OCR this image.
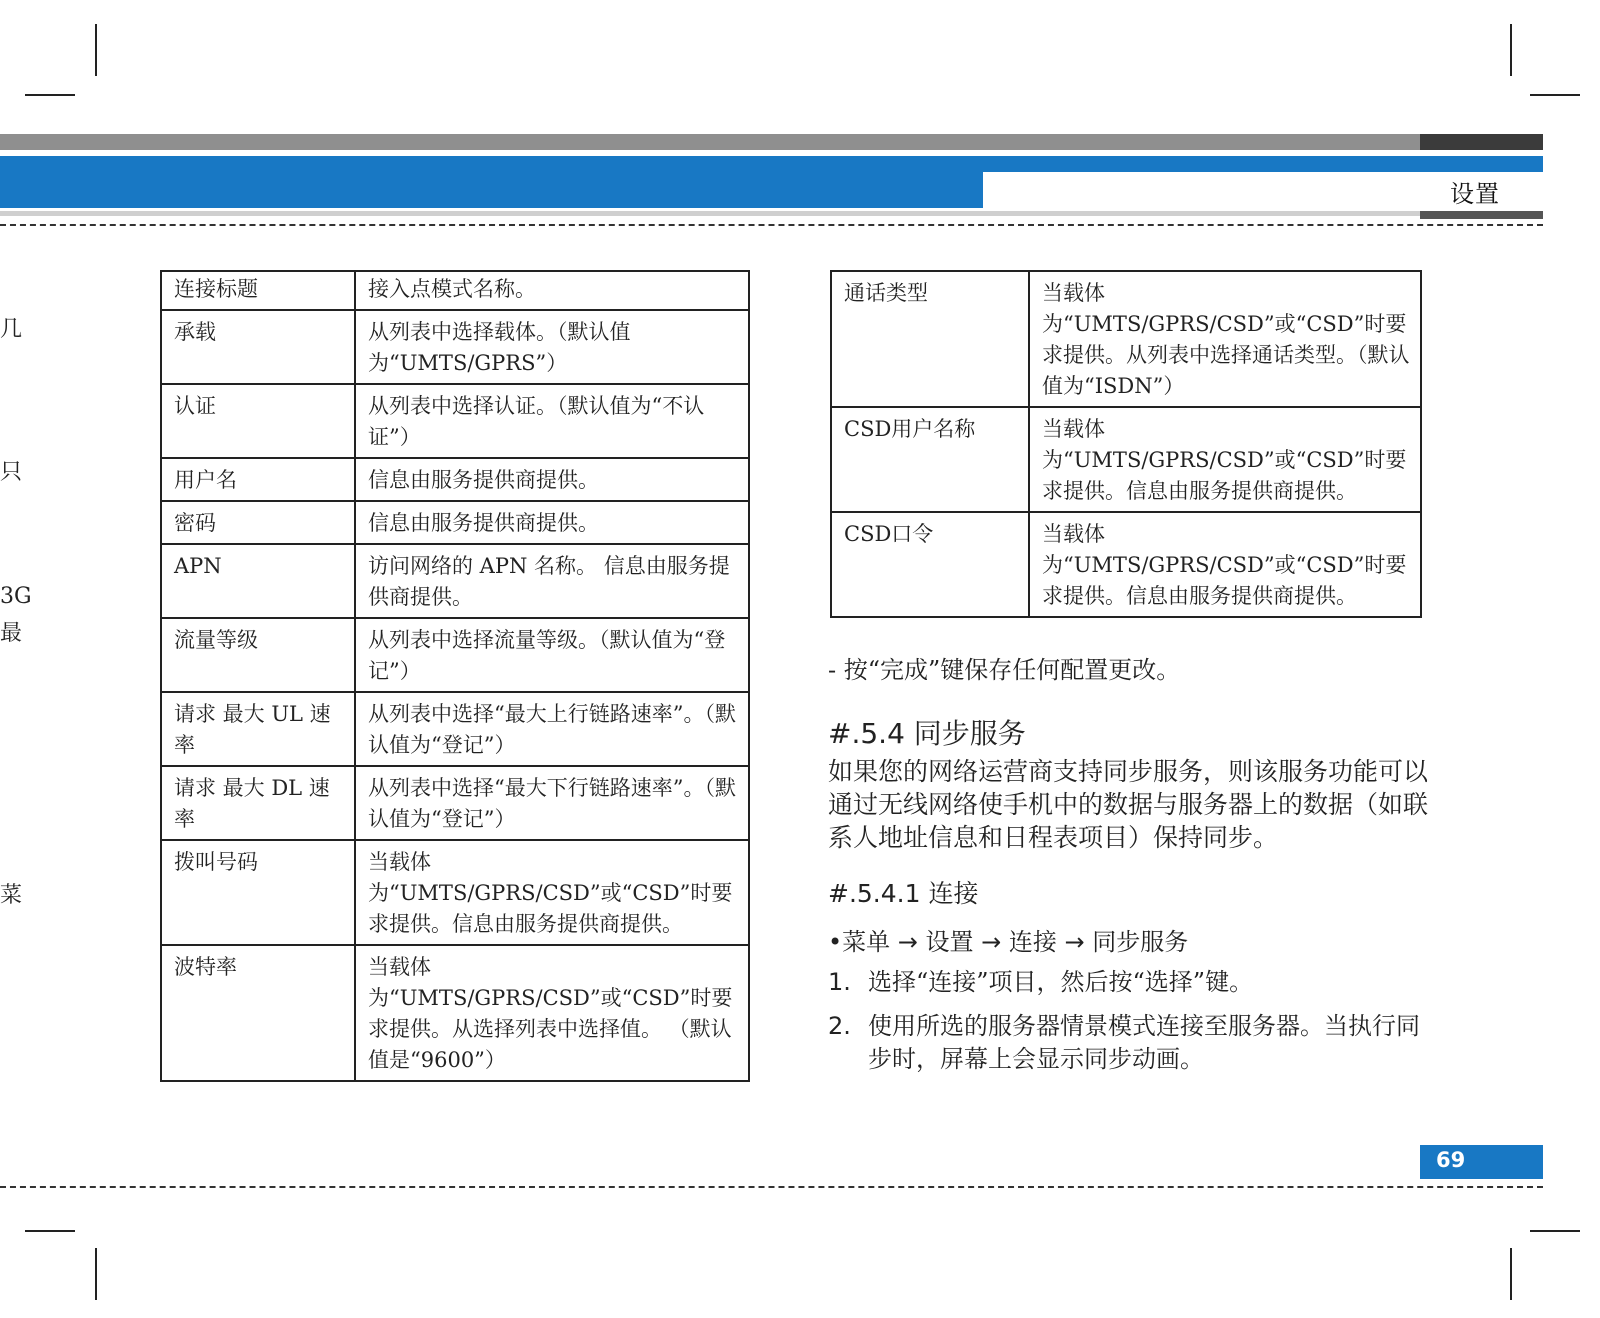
设置
几
只
3G
最
菜
连接标题	接入点模式名称。
承载	从列表中选择载体。（默认值为“UMTS/GPRS”）
认证	从列表中选择认证。（默认值为“不认证”）
用户名	信息由服务提供商提供。
密码	信息由服务提供商提供。
APN	访问网络的 APN 名称。 信息由服务提供商提供。
流量等级	从列表中选择流量等级。（默认值为“登记”）
请求 最大 UL 速率	从列表中选择“最大上行链路速率”。（默认值为“登记”）
请求 最大 DL 速率	从列表中选择“最大下行链路速率”。（默认值为“登记”）
拨叫号码	当载体为“UMTS/GPRS/CSD”或“CSD”时要求提供。信息由服务提供商提供。
波特率	当载体为“UMTS/GPRS/CSD”或“CSD”时要求提供。从选择列表中选择值。 （默认值是“9600”）
通话类型	当载体为“UMTS/GPRS/CSD”或“CSD”时要求提供。从列表中选择通话类型。（默认值为“ISDN”）
CSD用户名称	当载体为“UMTS/GPRS/CSD”或“CSD”时要求提供。信息由服务提供商提供。
CSD口令	当载体为“UMTS/GPRS/CSD”或“CSD”时要求提供。信息由服务提供商提供。
- 按“完成”键保存任何配置更改。
#.5.4 同步服务
如果您的网络运营商支持同步服务，则该服务功能可以通过无线网络使手机中的数据与服务器上的数据（如联系人地址信息和日程表项目）保持同步。
#.5.4.1 连接
•菜单 → 设置 → 连接 → 同步服务
1. 选择“连接”项目，然后按“选择”键。
2. 使用所选的服务器情景模式连接至服务器。当执行同步时，屏幕上会显示同步动画。
69
